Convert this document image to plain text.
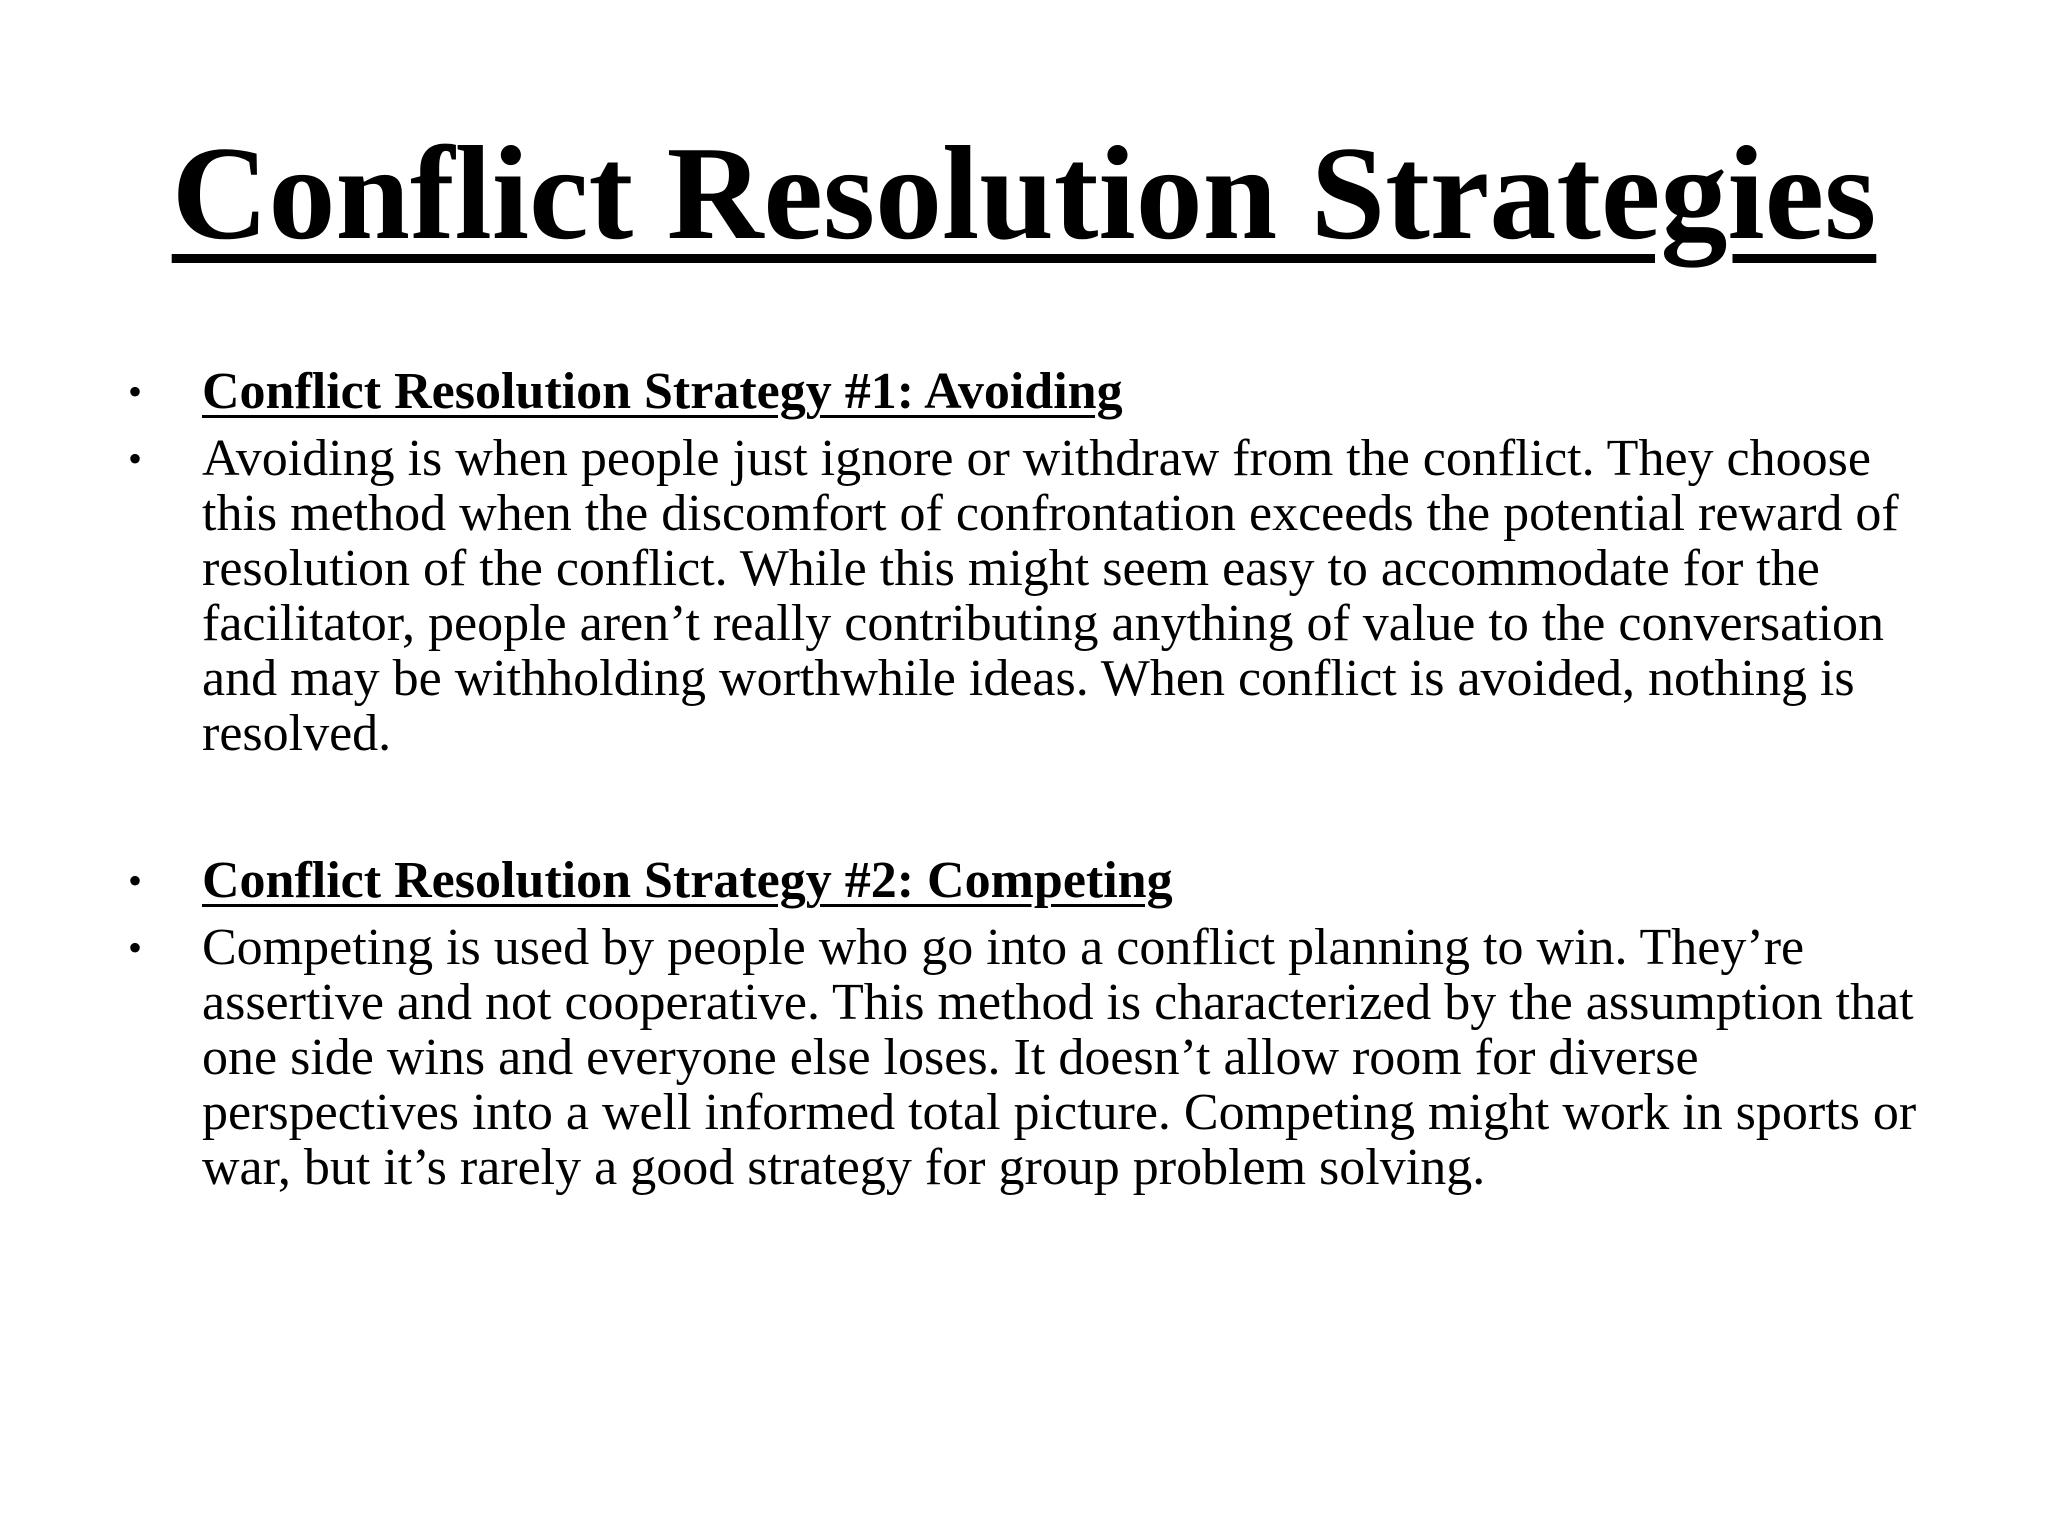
Conflict Resolution Strategies
• Conflict Resolution Strategy #1: Avoiding
• Avoiding is when people just ignore or withdraw from the conflict. They choose this method when the discomfort of confrontation exceeds the potential reward of resolution of the conflict. While this might seem easy to accommodate for the facilitator, people aren’t really contributing anything of value to the conversation and may be withholding worthwhile ideas. When conflict is avoided, nothing is resolved.
• Conflict Resolution Strategy #2: Competing
• Competing is used by people who go into a conflict planning to win. They’re assertive and not cooperative. This method is characterized by the assumption that one side wins and everyone else loses. It doesn’t allow room for diverse perspectives into a well informed total picture. Competing might work in sports or war, but it’s rarely a good strategy for group problem solving.
